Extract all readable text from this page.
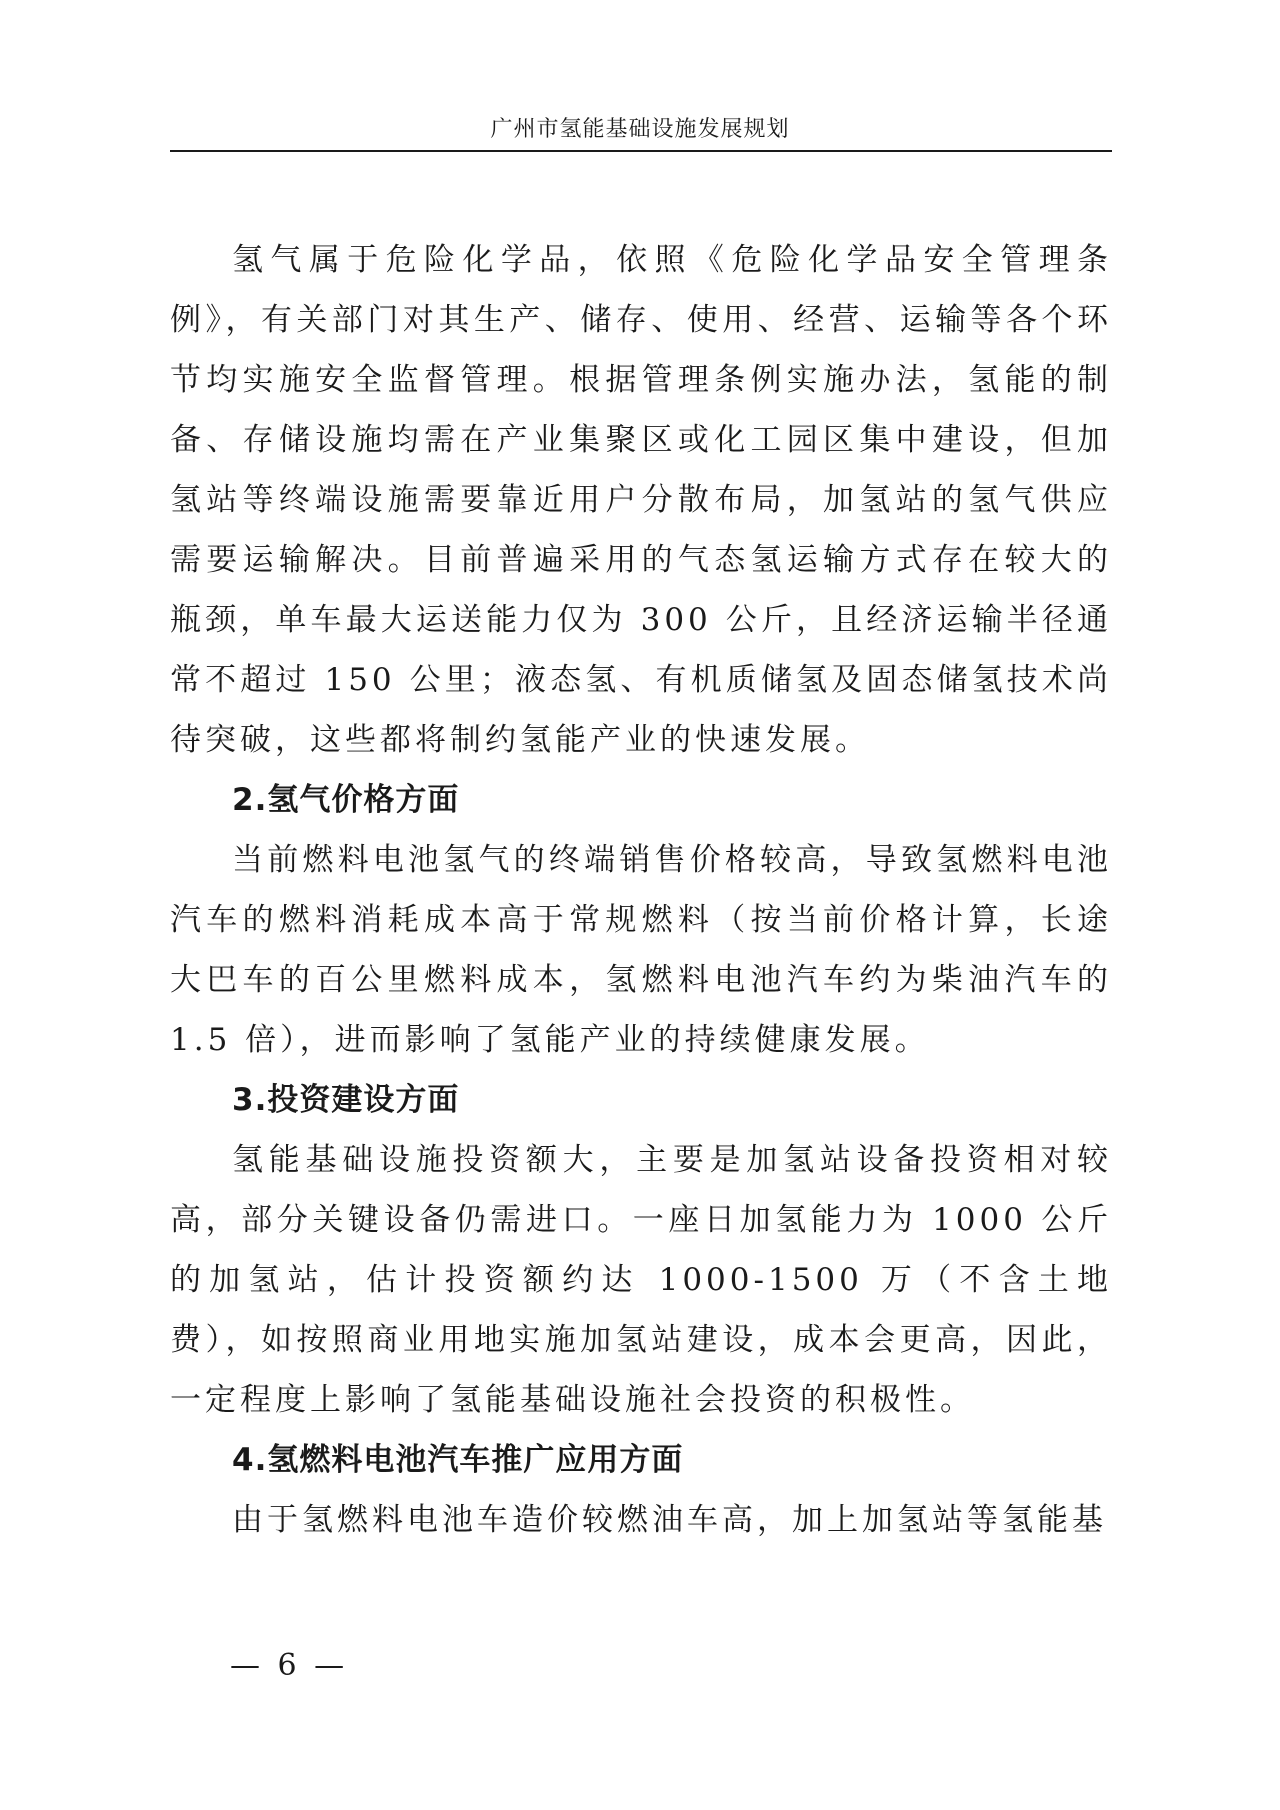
广州市氢能基础设施发展规划

氢气属于危险化学品，依照《危险化学品安全管理条例》，有关部门对其生产、储存、使用、经营、运输等各个环节均实施安全监督管理。根据管理条例实施办法，氢能的制备、存储设施均需在产业集聚区或化工园区集中建设，但加氢站等终端设施需要靠近用户分散布局，加氢站的氢气供应需要运输解决。目前普遍采用的气态氢运输方式存在较大的瓶颈，单车最大运送能力仅为 300 公斤，且经济运输半径通常不超过 150 公里；液态氢、有机质储氢及固态储氢技术尚待突破，这些都将制约氢能产业的快速发展。

2.氢气价格方面

当前燃料电池氢气的终端销售价格较高，导致氢燃料电池汽车的燃料消耗成本高于常规燃料（按当前价格计算，长途大巴车的百公里燃料成本，氢燃料电池汽车约为柴油汽车的 1.5 倍），进而影响了氢能产业的持续健康发展。

3.投资建设方面

氢能基础设施投资额大，主要是加氢站设备投资相对较高，部分关键设备仍需进口。一座日加氢能力为 1000 公斤的加氢站，估计投资额约达 1000-1500 万（不含土地费），如按照商业用地实施加氢站建设，成本会更高，因此，一定程度上影响了氢能基础设施社会投资的积极性。

4.氢燃料电池汽车推广应用方面

由于氢燃料电池车造价较燃油车高，加上加氢站等氢能基

— 6 —
